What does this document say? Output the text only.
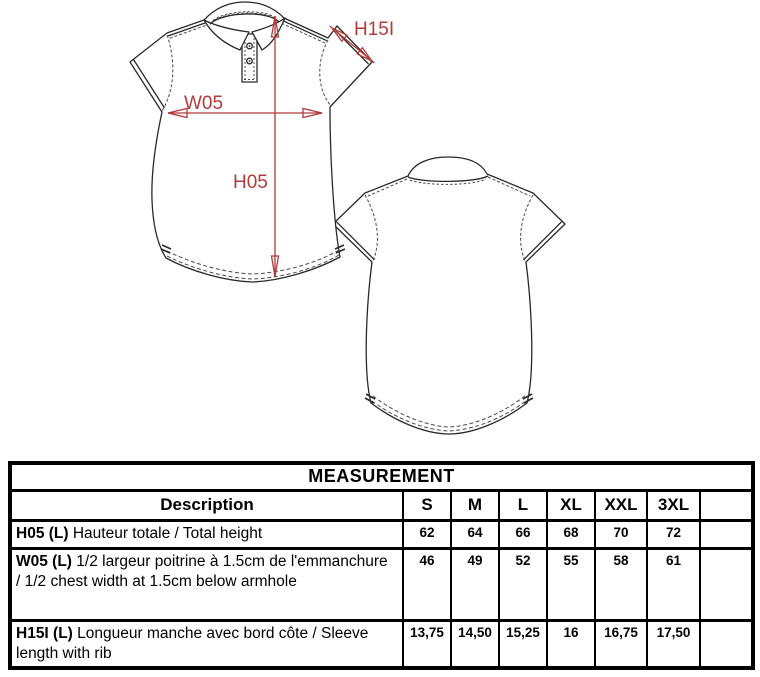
H15I
W05
H05
MEASUREMENT							
Description	S	M	L	XL	XXL	3XL	
H05 (L) Hauteur totale / Total height	62	64	66	68	70	72	
W05 (L) 1/2 largeur poitrine à 1.5cm de l'emmanchure / 1/2 chest width at 1.5cm below armhole	46	49	52	55	58	61	
H15I (L) Longueur manche avec bord côte / Sleeve length with rib	13,75	14,50	15,25	16	16,75	17,50	
